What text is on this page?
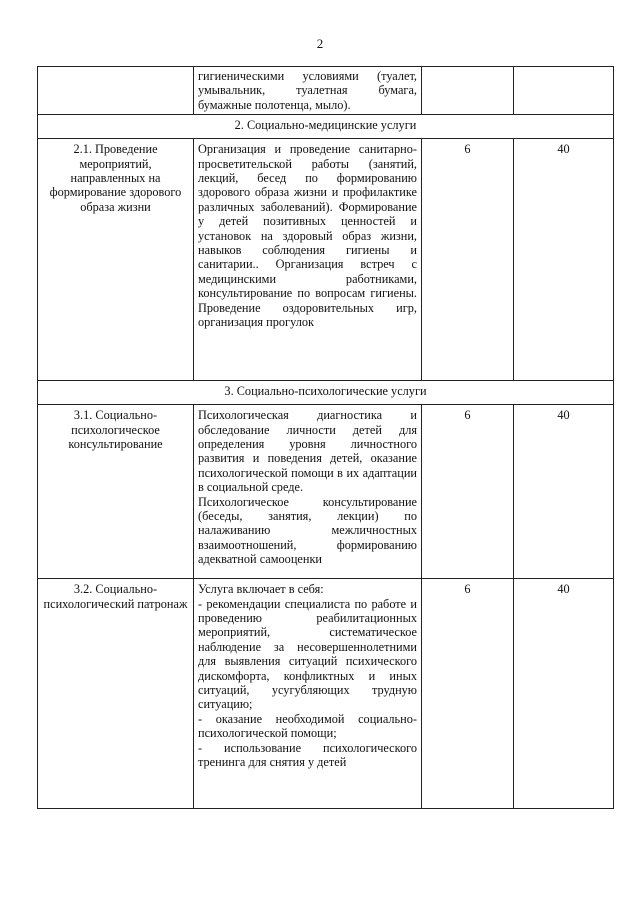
2
	гигиеническими условиями (туалет, умывальник, туалетная бумага, бумажные полотенца, мыло).		
2. Социально-медицинские услуги			
2.1. Проведение мероприятий, направленных на формирование здорового образа жизни	Организация и проведение санитарно-просветительской работы (занятий, лекций, бесед по формированию здорового образа жизни и профилактике различных заболеваний). Формирование у детей позитивных ценностей и установок на здоровый образ жизни, навыков соблюдения гигиены и санитарии.. Организация встреч с медицинскими работниками, консультирование по вопросам гигиены. Проведение оздоровительных игр, организация прогулок	6	40
3. Социально-психологические услуги			
3.1. Социально-психологическое консультирование	Психологическая диагностика и обследование личности детей для определения уровня личностного развития и поведения детей, оказание психологической помощи в их адаптации в социальной среде.

Психологическое консультирование (беседы, занятия, лекции) по налаживанию межличностных взаимоотношений, формированию адекватной самооценки	6	40
3.2. Социально-психологический патронаж	Услуга включает в себя:

- рекомендации специалиста по работе и проведению реабилитационных мероприятий, систематическое наблюдение за несовершеннолетними для выявления ситуаций психического дискомфорта, конфликтных и иных ситуаций, усугубляющих трудную ситуацию;

- оказание необходимой социально-психологической помощи;

- использование психологического тренинга для снятия у детей	6	40
